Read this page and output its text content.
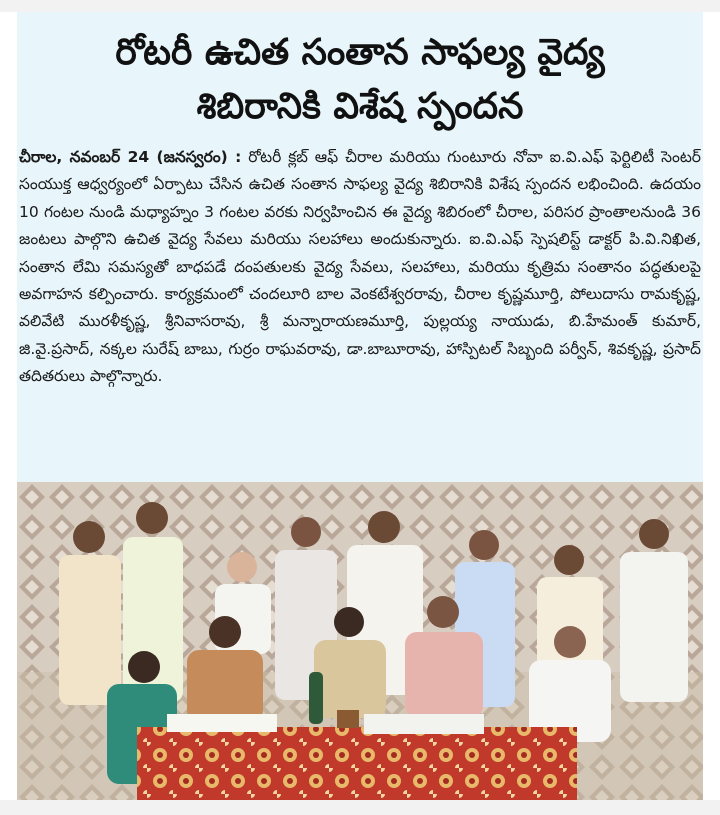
రోటరీ ఉచిత సంతాన సాఫల్య వైద్య
శిబిరానికి విశేష స్పందన

చీరాల, నవంబర్ 24 (జనస్వరం) : రోటరీ క్లబ్ ఆఫ్ చీరాల మరియు గుంటూరు నోవా ఐ.వి.ఎఫ్ ఫెర్టిలిటీ సెంటర్ సంయుక్త ఆధ్వర్యంలో ఏర్పాటు చేసిన ఉచిత సంతాన సాఫల్య వైద్య శిబిరానికి విశేష స్పందన లభించింది. ఉదయం 10 గంటల నుండి మధ్యాహ్నం 3 గంటల వరకు నిర్వహించిన ఈ వైద్య శిబిరంలో చీరాల, పరిసర ప్రాంతాలనుండి 36 జంటలు పాల్గొని ఉచిత వైద్య సేవలు మరియు సలహాలు అందుకున్నారు. ఐ.వి.ఎఫ్ స్పెషలిస్ట్ డాక్టర్ పి.వి.నిఖిత, సంతాన లేమి సమస్యతో బాధపడే దంపతులకు వైద్య సేవలు, సలహాలు, మరియు కృత్రిమ సంతానం పద్ధతులపై అవగాహన కల్పించారు. కార్యక్రమంలో చందలూరి బాల వెంకటేశ్వరరావు, చీరాల కృష్ణమూర్తి, పోలుదాసు రామకృష్ణ, వలివేటి మురళీకృష్ణ, శ్రీనివాసరావు, శ్రీ మన్నారాయణమూర్తి, పుల్లయ్య నాయుడు, బి.హేమంత్ కుమార్, జి.వై.ప్రసాద్, నక్కల సురేష్ బాబు, గుర్రం రాఘవరావు, డా.బాబూరావు, హాస్పిటల్ సిబ్బంది పర్వీన్, శివకృష్ణ, ప్రసాద్ తదితరులు పాల్గొన్నారు.
